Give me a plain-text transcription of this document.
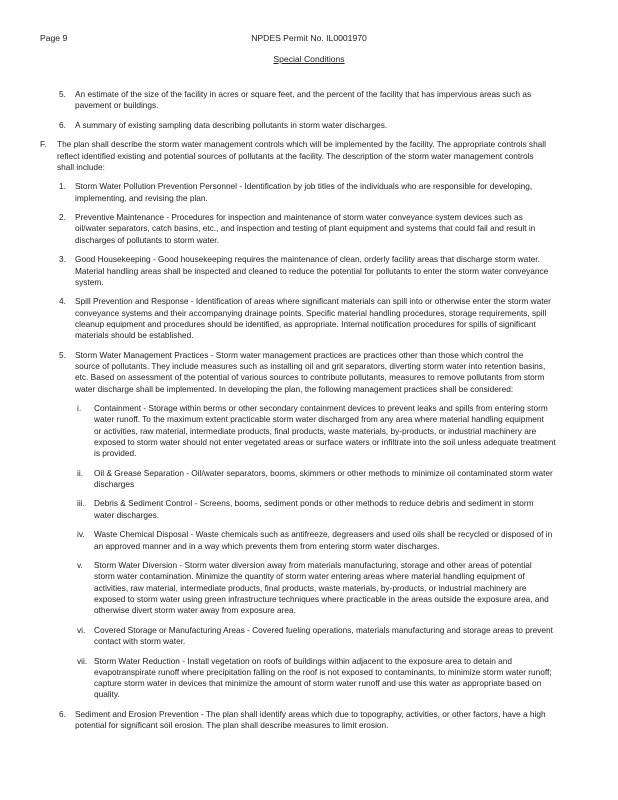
Page 9	NPDES Permit No. IL0001970
Special Conditions
5. An estimate of the size of the facility in acres or square feet, and the percent of the facility that has impervious areas such as
pavement or buildings.
6. A summary of existing sampling data describing pollutants in storm water discharges.
F. The plan shall describe the storm water management controls which will be implemented by the facility. The appropriate controls shall
reflect identified existing and potential sources of pollutants at the facility. The description of the storm water management controls
shall include:
1. Storm Water Pollution Prevention Personnel - Identification by job titles of the individuals who are responsible for developing,
implementing, and revising the plan.
2. Preventive Maintenance - Procedures for inspection and maintenance of storm water conveyance system devices such as
oil/water separators, catch basins, etc., and inspection and testing of plant equipment and systems that could fail and result in
discharges of pollutants to storm water.
3. Good Housekeeping - Good housekeeping requires the maintenance of clean, orderly facility areas that discharge storm water.
Material handling areas shall be inspected and cleaned to reduce the potential for pollutants to enter the storm water conveyance
system.
4. Spill Prevention and Response - Identification of areas where significant materials can spill into or otherwise enter the storm water
conveyance systems and their accompanying drainage points. Specific material handling procedures, storage requirements, spill
cleanup equipment and procedures should be identified, as appropriate. Internal notification procedures for spills of significant
materials should be established.
5. Storm Water Management Practices - Storm water management practices are practices other than those which control the
source of pollutants. They include measures such as installing oil and grit separators, diverting storm water into retention basins,
etc. Based on assessment of the potential of various sources to contribute pollutants, measures to remove pollutants from storm
water discharge shall be implemented. In developing the plan, the following management practices shall be considered:
i. Containment - Storage within berms or other secondary containment devices to prevent leaks and spills from entering storm
water runoff. To the maximum extent practicable storm water discharged from any area where material handling equipment
or activities, raw material, intermediate products, final products, waste materials, by-products, or industrial machinery are
exposed to storm water should not enter vegetated areas or surface waters or infiltrate into the soil unless adequate treatment
is provided.
ii. Oil & Grease Separation - Oil/water separators, booms, skimmers or other methods to minimize oil contaminated storm water
discharges
iii. Debris & Sediment Control - Screens, booms, sediment ponds or other methods to reduce debris and sediment in storm
water discharges.
iv. Waste Chemical Disposal - Waste chemicals such as antifreeze, degreasers and used oils shall be recycled or disposed of in
an approved manner and in a way which prevents them from entering storm water discharges.
v. Storm Water Diversion - Storm water diversion away from materials manufacturing, storage and other areas of potential
storm water contamination. Minimize the quantity of storm water entering areas where material handling equipment of
activities, raw material, intermediate products, final products, waste materials, by-products, or industrial machinery are
exposed to storm water using green infrastructure techniques where practicable in the areas outside the exposure area, and
otherwise divert storm water away from exposure area.
vi. Covered Storage or Manufacturing Areas - Covered fueling operations, materials manufacturing and storage areas to prevent
contact with storm water.
vii. Storm Water Reduction - Install vegetation on roofs of buildings within adjacent to the exposure area to detain and
evapotranspirate runoff where precipitation falling on the roof is not exposed to contaminants, to minimize storm water runoff;
capture storm water in devices that minimize the amount of storm water runoff and use this water as appropriate based on
quality.
6. Sediment and Erosion Prevention - The plan shall identify areas which due to topography, activities, or other factors, have a high
potential for significant soil erosion. The plan shall describe measures to limit erosion.
